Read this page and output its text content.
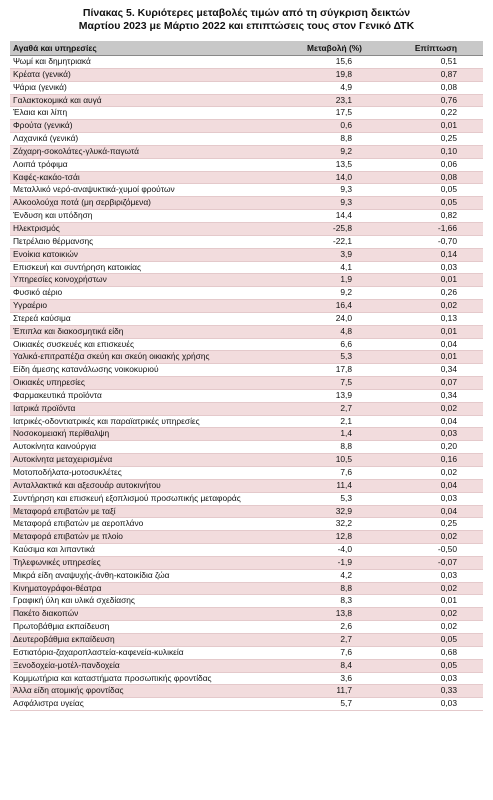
Πίνακας 5. Κυριότερες μεταβολές τιμών από τη σύγκριση δεικτών
Μαρτίου 2023 με Μάρτιο 2022 και επιπτώσεις τους στον Γενικό ΔΤΚ
Αγαθά και υπηρεσίες	Μεταβολή (%)	Επίπτωση
Ψωμί και δημητριακά	15,6	0,51
Κρέατα (γενικά)	19,8	0,87
Ψάρια (γενικά)	4,9	0,08
Γαλακτοκομικά και αυγά	23,1	0,76
Έλαια και λίπη	17,5	0,22
Φρούτα (γενικά)	0,6	0,01
Λαχανικά (γενικά)	8,8	0,25
Ζάχαρη-σοκολάτες-γλυκά-παγωτά	9,2	0,10
Λοιπά τρόφιμα	13,5	0,06
Καφές-κακάο-τσάι	14,0	0,08
Μεταλλικό νερό-αναψυκτικά-χυμοί φρούτων	9,3	0,05
Αλκοολούχα ποτά (μη σερβιριζόμενα)	9,3	0,05
Ένδυση και υπόδηση	14,4	0,82
Ηλεκτρισμός	-25,8	-1,66
Πετρέλαιο θέρμανσης	-22,1	-0,70
Ενοίκια κατοικιών	3,9	0,14
Επισκευή και συντήρηση κατοικίας	4,1	0,03
Υπηρεσίες κοινοχρήστων	1,9	0,01
Φυσικό αέριο	9,2	0,26
Υγραέριο	16,4	0,02
Στερεά καύσιμα	24,0	0,13
Έπιπλα και διακοσμητικά είδη	4,8	0,01
Οικιακές συσκευές και επισκευές	6,6	0,04
Υαλικά-επιτραπέζια σκεύη και σκεύη οικιακής χρήσης	5,3	0,01
Είδη άμεσης κατανάλωσης νοικοκυριού	17,8	0,34
Οικιακές υπηρεσίες	7,5	0,07
Φαρμακευτικά προϊόντα	13,9	0,34
Ιατρικά προϊόντα	2,7	0,02
Ιατρικές-οδοντιατρικές και παραϊατρικές υπηρεσίες	2,1	0,04
Νοσοκομειακή περίθαλψη	1,4	0,03
Αυτοκίνητα καινούργια	8,8	0,20
Αυτοκίνητα μεταχειρισμένα	10,5	0,16
Μοτοποδήλατα-μοτοσυκλέτες	7,6	0,02
Ανταλλακτικά και αξεσουάρ αυτοκινήτου	11,4	0,04
Συντήρηση και επισκευή εξοπλισμού προσωπικής μεταφοράς	5,3	0,03
Μεταφορά επιβατών με ταξί	32,9	0,04
Μεταφορά επιβατών με αεροπλάνο	32,2	0,25
Μεταφορά επιβατών με πλοίο	12,8	0,02
Καύσιμα και λιπαντικά	-4,0	-0,50
Τηλεφωνικές υπηρεσίες	-1,9	-0,07
Μικρά είδη αναψυχής-άνθη-κατοικίδια ζώα	4,2	0,03
Κινηματογράφοι-θέατρα	8,8	0,02
Γραφική ύλη και υλικά σχεδίασης	8,3	0,01
Πακέτο διακοπών	13,8	0,02
Πρωτοβάθμια εκπαίδευση	2,6	0,02
Δευτεροβάθμια εκπαίδευση	2,7	0,05
Εστιατόρια-ζαχαροπλαστεία-καφενεία-κυλικεία	7,6	0,68
Ξενοδοχεία-μοτέλ-πανδοχεία	8,4	0,05
Κομμωτήρια και καταστήματα προσωπικής φροντίδας	3,6	0,03
Άλλα είδη ατομικής φροντίδας	11,7	0,33
Ασφάλιστρα υγείας	5,7	0,03
